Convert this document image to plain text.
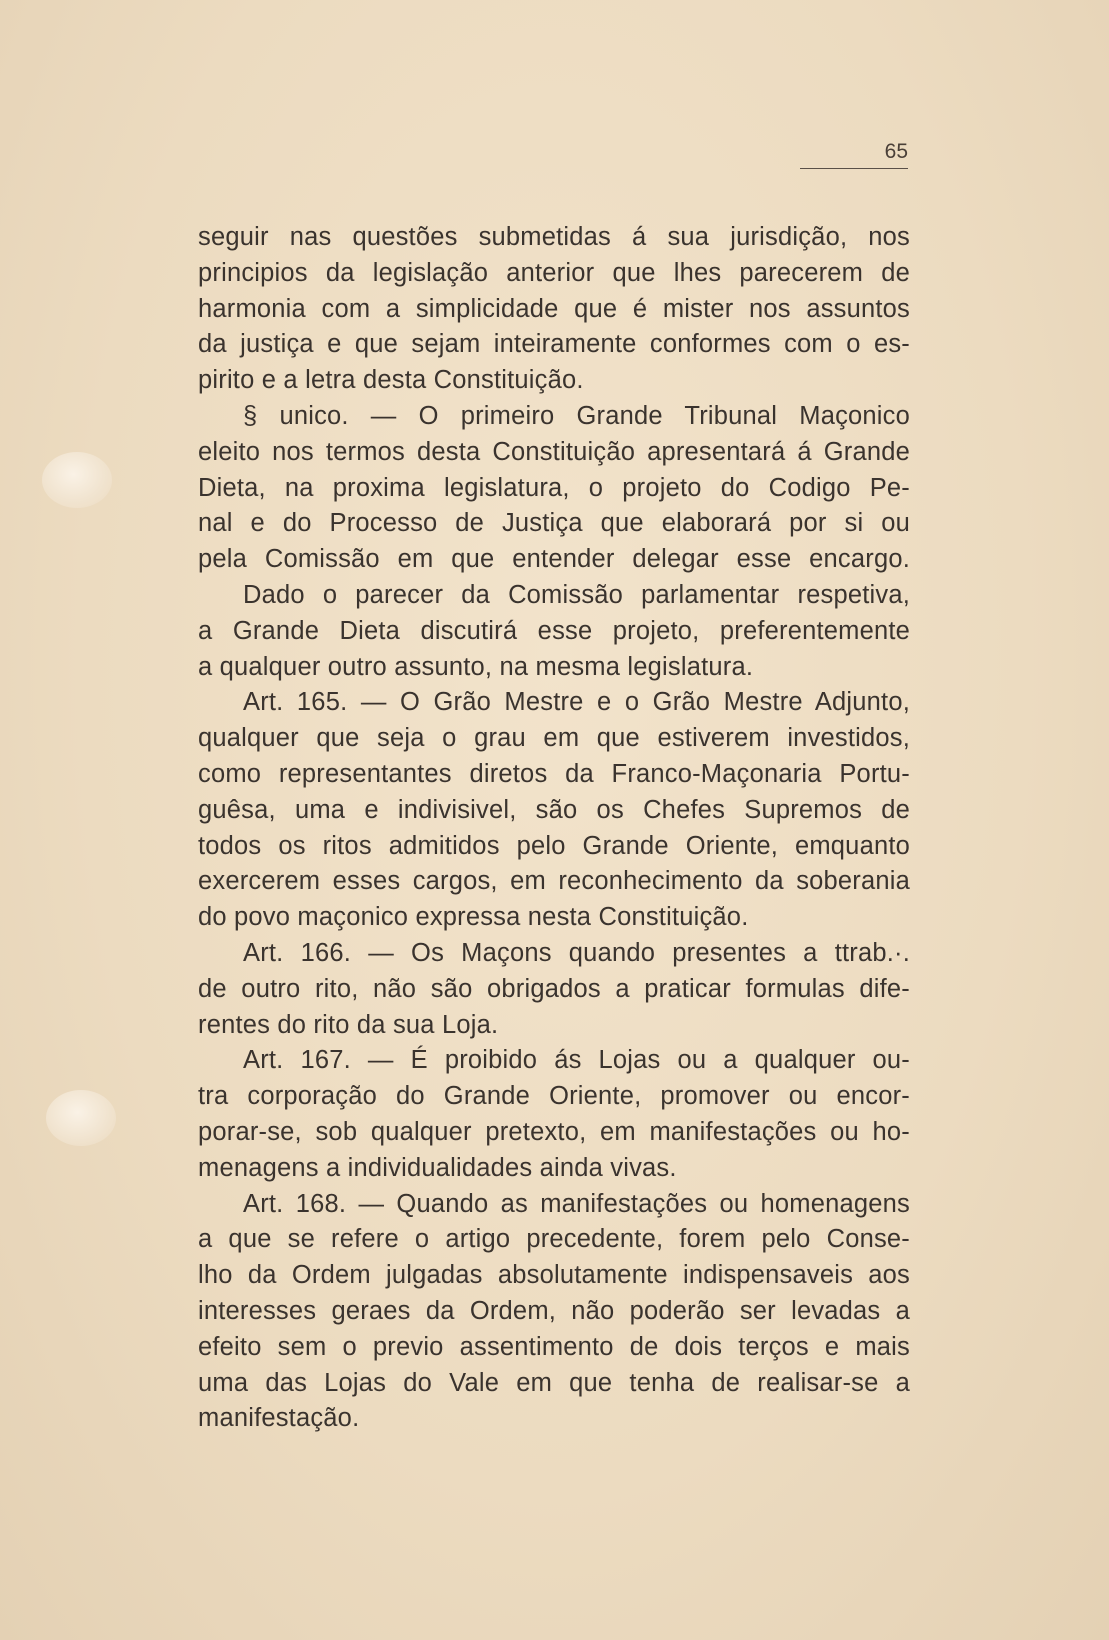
65
seguir nas questões submetidas á sua jurisdição, nos
principios da legislação anterior que lhes parecerem de
harmonia com a simplicidade que é mister nos assuntos
da justiça e que sejam inteiramente conformes com o es-
pirito e a letra desta Constituição.
§ unico. — O primeiro Grande Tribunal Maçonico
eleito nos termos desta Constituição apresentará á Grande
Dieta, na proxima legislatura, o projeto do Codigo Pe-
nal e do Processo de Justiça que elaborará por si ou
pela Comissão em que entender delegar esse encargo.
Dado o parecer da Comissão parlamentar respetiva,
a Grande Dieta discutirá esse projeto, preferentemente
a qualquer outro assunto, na mesma legislatura.
Art. 165. — O Grão Mestre e o Grão Mestre Adjunto,
qualquer que seja o grau em que estiverem investidos,
como representantes diretos da Franco-Maçonaria Portu-
guêsa, uma e indivisivel, são os Chefes Supremos de
todos os ritos admitidos pelo Grande Oriente, emquanto
exercerem esses cargos, em reconhecimento da soberania
do povo maçonico expressa nesta Constituição.
Art. 166. — Os Maçons quando presentes a ttrab.·.
de outro rito, não são obrigados a praticar formulas dife-
rentes do rito da sua Loja.
Art. 167. — É proibido ás Lojas ou a qualquer ou-
tra corporação do Grande Oriente, promover ou encor-
porar-se, sob qualquer pretexto, em manifestações ou ho-
menagens a individualidades ainda vivas.
Art. 168. — Quando as manifestações ou homenagens
a que se refere o artigo precedente, forem pelo Conse-
lho da Ordem julgadas absolutamente indispensaveis aos
interesses geraes da Ordem, não poderão ser levadas a
efeito sem o previo assentimento de dois terços e mais
uma das Lojas do Vale em que tenha de realisar-se a
manifestação.
